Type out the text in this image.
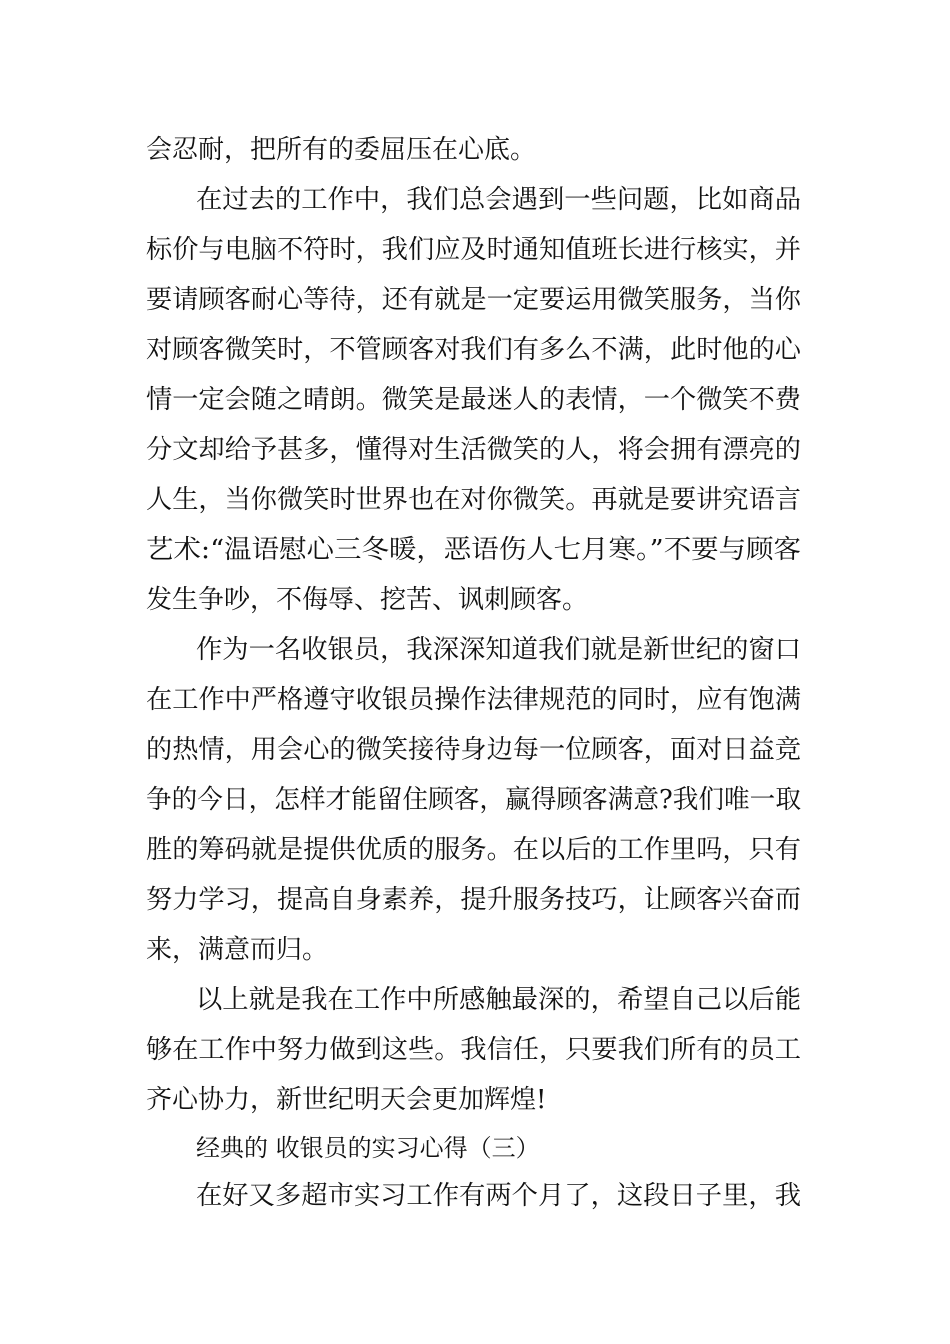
会忍耐，把所有的委屈压在心底。
在过去的工作中，我们总会遇到一些问题，比如商品
标价与电脑不符时，我们应及时通知值班长进行核实，并
要请顾客耐心等待，还有就是一定要运用微笑服务，当你
对顾客微笑时，不管顾客对我们有多么不满，此时他的心
情一定会随之晴朗。微笑是最迷人的表情，一个微笑不费
分文却给予甚多，懂得对生活微笑的人，将会拥有漂亮的
人生，当你微笑时世界也在对你微笑。再就是要讲究语言
艺术:“温语慰心三冬暖，恶语伤人七月寒。”不要与顾客
发生争吵，不侮辱、挖苦、讽刺顾客。
作为一名收银员，我深深知道我们就是新世纪的窗口
在工作中严格遵守收银员操作法律规范的同时，应有饱满
的热情，用会心的微笑接待身边每一位顾客，面对日益竞
争的今日，怎样才能留住顾客，赢得顾客满意?我们唯一取
胜的筹码就是提供优质的服务。在以后的工作里吗，只有
努力学习，提高自身素养，提升服务技巧，让顾客兴奋而
来，满意而归。
以上就是我在工作中所感触最深的，希望自己以后能
够在工作中努力做到这些。我信任，只要我们所有的员工
齐心协力，新世纪明天会更加辉煌!
经典的 收银员的实习心得（三）
在好又多超市实习工作有两个月了，这段日子里，我
